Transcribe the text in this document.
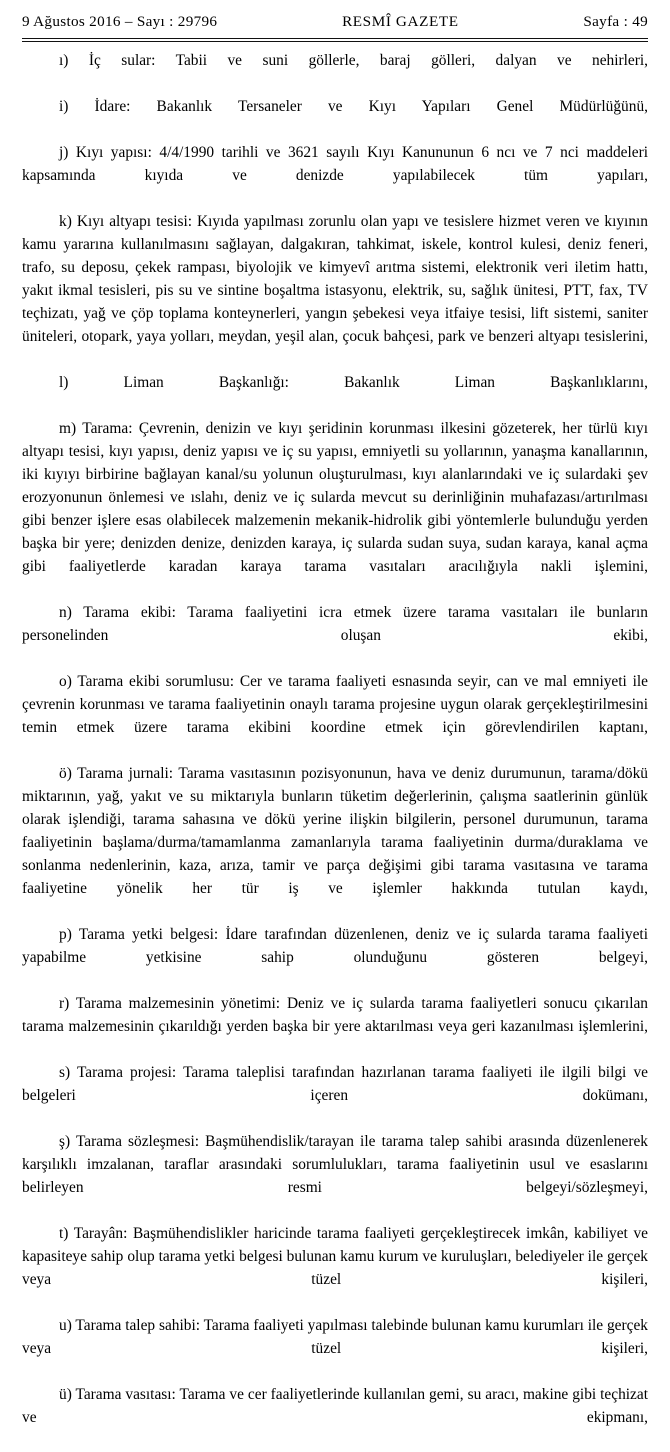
9 Ağustos 2016 – Sayı : 29796	RESMÎ GAZETE	Sayfa : 49

ı) İç sular: Tabii ve suni göllerle, baraj gölleri, dalyan ve nehirleri,

i) İdare: Bakanlık Tersaneler ve Kıyı Yapıları Genel Müdürlüğünü,

j) Kıyı yapısı: 4/4/1990 tarihli ve 3621 sayılı Kıyı Kanununun 6 ncı ve 7 nci maddeleri kapsamında kıyıda ve denizde yapılabilecek tüm yapıları,

k) Kıyı altyapı tesisi: Kıyıda yapılması zorunlu olan yapı ve tesislere hizmet veren ve kıyının kamu yararına kullanılmasını sağlayan, dalgakıran, tahkimat, iskele, kontrol kulesi, deniz feneri, trafo, su deposu, çekek rampası, biyolojik ve kimyevî arıtma sistemi, elektronik veri iletim hattı, yakıt ikmal tesisleri, pis su ve sintine boşaltma istasyonu, elektrik, su, sağlık ünitesi, PTT, fax, TV teçhizatı, yağ ve çöp toplama konteynerleri, yangın şebekesi veya itfaiye tesisi, lift sistemi, saniter üniteleri, otopark, yaya yolları, meydan, yeşil alan, çocuk bahçesi, park ve benzeri altyapı tesislerini,

l) Liman Başkanlığı: Bakanlık Liman Başkanlıklarını,

m) Tarama: Çevrenin, denizin ve kıyı şeridinin korunması ilkesini gözeterek, her türlü kıyı altyapı tesisi, kıyı yapısı, deniz yapısı ve iç su yapısı, emniyetli su yollarının, yanaşma kanallarının, iki kıyıyı birbirine bağlayan kanal/su yolunun oluşturulması, kıyı alanlarındaki ve iç sulardaki şev erozyonunun önlemesi ve ıslahı, deniz ve iç sularda mevcut su derinliğinin muhafazası/artırılması gibi benzer işlere esas olabilecek malzemenin mekanik-hidrolik gibi yöntemlerle bulunduğu yerden başka bir yere; denizden denize, denizden karaya, iç sularda sudan suya, sudan karaya, kanal açma gibi faaliyetlerde karadan karaya tarama vasıtaları aracılığıyla nakli işlemini,

n) Tarama ekibi: Tarama faaliyetini icra etmek üzere tarama vasıtaları ile bunların personelinden oluşan ekibi,

o) Tarama ekibi sorumlusu: Cer ve tarama faaliyeti esnasında seyir, can ve mal emniyeti ile çevrenin korunması ve tarama faaliyetinin onaylı tarama projesine uygun olarak gerçekleştirilmesini temin etmek üzere tarama ekibini koordine etmek için görevlendirilen kaptanı,

ö) Tarama jurnali: Tarama vasıtasının pozisyonunun, hava ve deniz durumunun, tarama/dökü miktarının, yağ, yakıt ve su miktarıyla bunların tüketim değerlerinin, çalışma saatlerinin günlük olarak işlendiği, tarama sahasına ve dökü yerine ilişkin bilgilerin, personel durumunun, tarama faaliyetinin başlama/durma/tamamlanma zamanlarıyla tarama faaliyetinin durma/duraklama ve sonlanma nedenlerinin, kaza, arıza, tamir ve parça değişimi gibi tarama vasıtasına ve tarama faaliyetine yönelik her tür iş ve işlemler hakkında tutulan kaydı,

p) Tarama yetki belgesi: İdare tarafından düzenlenen, deniz ve iç sularda tarama faaliyeti yapabilme yetkisine sahip olunduğunu gösteren belgeyi,

r) Tarama malzemesinin yönetimi: Deniz ve iç sularda tarama faaliyetleri sonucu çıkarılan tarama malzemesinin çıkarıldığı yerden başka bir yere aktarılması veya geri kazanılması işlemlerini,

s) Tarama projesi: Tarama taleplisi tarafından hazırlanan tarama faaliyeti ile ilgili bilgi ve belgeleri içeren dokümanı,

ş) Tarama sözleşmesi: Başmühendislik/tarayan ile tarama talep sahibi arasında düzenlenerek karşılıklı imzalanan, taraflar arasındaki sorumlulukları, tarama faaliyetinin usul ve esaslarını belirleyen resmi belgeyi/sözleşmeyi,

t) Tarayân: Başmühendislikler haricinde tarama faaliyeti gerçekleştirecek imkân, kabiliyet ve kapasiteye sahip olup tarama yetki belgesi bulunan kamu kurum ve kuruluşları, belediyeler ile gerçek veya tüzel kişileri,

u) Tarama talep sahibi: Tarama faaliyeti yapılması talebinde bulunan kamu kurumları ile gerçek veya tüzel kişileri,

ü) Tarama vasıtası: Tarama ve cer faaliyetlerinde kullanılan gemi, su aracı, makine gibi teçhizat ve ekipmanı,
